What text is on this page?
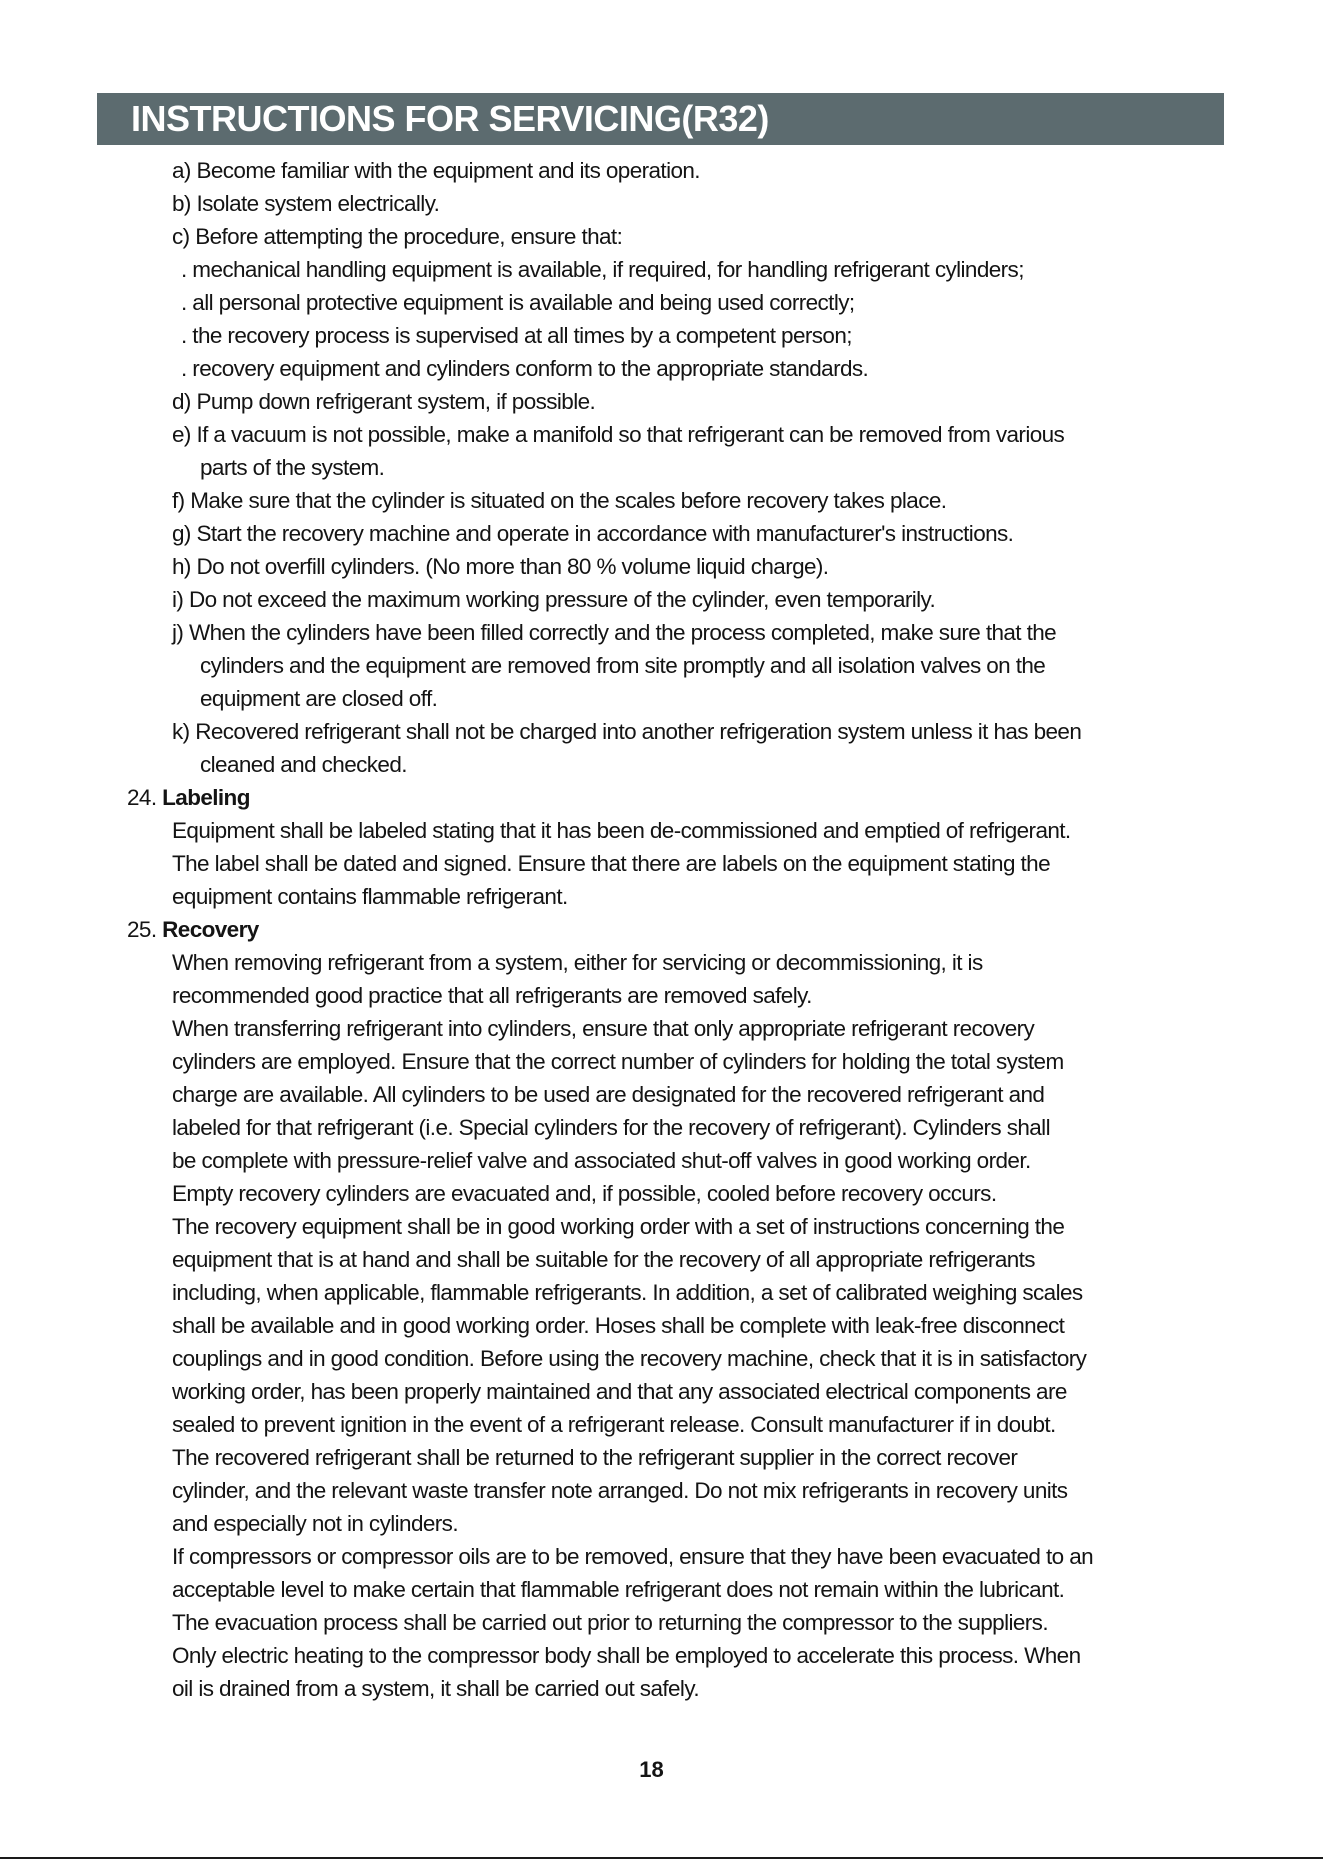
INSTRUCTIONS FOR SERVICING(R32)
a) Become familiar with the equipment and its operation.
b) Isolate system electrically.
c) Before attempting the procedure, ensure that:
. mechanical handling equipment is available, if required, for handling refrigerant cylinders;
. all personal protective equipment is available and being used correctly;
. the recovery process is supervised at all times by a competent person;
. recovery equipment and cylinders conform to the appropriate standards.
d) Pump down refrigerant system, if possible.
e) If a vacuum is not possible, make a manifold so that refrigerant can be removed from various
parts of the system.
f) Make sure that the cylinder is situated on the scales before recovery takes place.
g) Start the recovery machine and operate in accordance with manufacturer's instructions.
h) Do not overfill cylinders. (No more than 80 % volume liquid charge).
i) Do not exceed the maximum working pressure of the cylinder, even temporarily.
j) When the cylinders have been filled correctly and the process completed, make sure that the
cylinders and the equipment are removed from site promptly and all isolation valves on the
equipment are closed off.
k) Recovered refrigerant shall not be charged into another refrigeration system unless it has been
cleaned and checked.
24. Labeling
Equipment shall be labeled stating that it has been de-commissioned and emptied of refrigerant.
The label shall be dated and signed. Ensure that there are labels on the equipment stating the
equipment contains flammable refrigerant.
25. Recovery
When removing refrigerant from a system, either for servicing or decommissioning, it is
recommended good practice that all refrigerants are removed safely.
When transferring refrigerant into cylinders, ensure that only appropriate refrigerant recovery
cylinders are employed. Ensure that the correct number of cylinders for holding the total system
charge are available. All cylinders to be used are designated for the recovered refrigerant and
labeled for that refrigerant (i.e. Special cylinders for the recovery of refrigerant). Cylinders shall
be complete with pressure-relief valve and associated shut-off valves in good working order.
Empty recovery cylinders are evacuated and, if possible, cooled before recovery occurs.
The recovery equipment shall be in good working order with a set of instructions concerning the
equipment that is at hand and shall be suitable for the recovery of all appropriate refrigerants
including, when applicable, flammable refrigerants. In addition, a set of calibrated weighing scales
shall be available and in good working order. Hoses shall be complete with leak-free disconnect
couplings and in good condition. Before using the recovery machine, check that it is in satisfactory
working order, has been properly maintained and that any associated electrical components are
sealed to prevent ignition in the event of a refrigerant release. Consult manufacturer if in doubt.
The recovered refrigerant shall be returned to the refrigerant supplier in the correct recover
cylinder, and the relevant waste transfer note arranged. Do not mix refrigerants in recovery units
and especially not in cylinders.
If compressors or compressor oils are to be removed, ensure that they have been evacuated to an
acceptable level to make certain that flammable refrigerant does not remain within the lubricant.
The evacuation process shall be carried out prior to returning the compressor to the suppliers.
Only electric heating to the compressor body shall be employed to accelerate this process. When
oil is drained from a system, it shall be carried out safely.
18
